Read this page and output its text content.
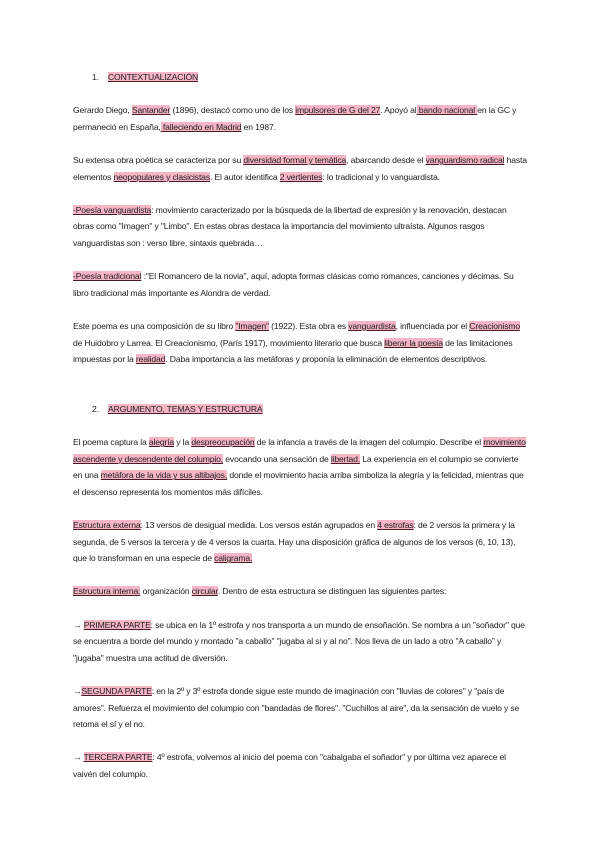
1. CONTEXTUALIZACIÓN

Gerardo Diego, Santander (1896), destacó como uno de los impulsores de G del 27. Apoyó al bando nacional en la GC y permaneció en España, falleciendo en Madrid en 1987.

Su extensa obra poética se caracteriza por su diversidad formal y temática, abarcando desde el vanguardismo radical hasta elementos neopopulares y clasicistas. El autor identifica 2 vertientes: lo tradicional y lo vanguardista.

-Poesía vanguardista: movimiento caracterizado por la búsqueda de la libertad de expresión y la renovación, destacan obras como "Imagen" y "Limbo". En estas obras destaca la importancia del movimiento ultraísta. Algunos rasgos vanguardistas son : verso libre, sintaxis quebrada…

-Poesía tradicional :"El Romancero de la novia", aquí, adopta formas clásicas como romances, canciones y décimas. Su libro tradicional más importante es Alondra de verdad.

Este poema es una composición de su libro "Imagen" (1922). Esta obra es vanguardista, influenciada por el Creacionismo de Huidobro y Larrea. El Creacionismo, (París 1917), movimiento literario que busca liberar la poesía de las limitaciones impuestas por la realidad. Daba importancia a las metáforas y proponía la eliminación de elementos descriptivos.

2. ARGUMENTO, TEMAS Y ESTRUCTURA

El poema captura la alegría y la despreocupación de la infancia a través de la imagen del columpio. Describe el movimiento ascendente y descendente del columpio, evocando una sensación de libertad. La experiencia en el columpio se convierte en una metáfora de la vida y sus altibajos, donde el movimiento hacia arriba simboliza la alegría y la felicidad, mientras que el descenso representa los momentos más difíciles.

Estructura externa: 13 versos de desigual medida. Los versos están agrupados en 4 estrofas: de 2 versos la primera y la segunda, de 5 versos la tercera y de 4 versos la cuarta. Hay una disposición gráfica de algunos de los versos (6, 10, 13), que lo transforman en una especie de caligrama.

Estructura interna: organización circular. Dentro de esta estructura se distinguen las siguientes partes:

→ PRIMERA PARTE: se ubica en la 1º estrofa y nos transporta a un mundo de ensoñación. Se nombra a un "soñador" que se encuentra a borde del mundo y montado "a caballo" "jugaba al si y al no". Nos lleva de un lado a otro "A caballo" y "jugaba" muestra una actitud de diversión.

→SEGUNDA PARTE: en la 2º y 3º estrofa donde sigue este mundo de imaginación con "lluvias de colores" y "país de amores". Refuerza el movimiento del columpio con "bandadas de flores". "Cuchillos al aire", da la sensación de vuelo y se retoma el sí y el no.

→ TERCERA PARTE: 4º estrofa, volvemos al inicio del poema con "cabalgaba el soñador" y por última vez aparece el vaivén del columpio.
